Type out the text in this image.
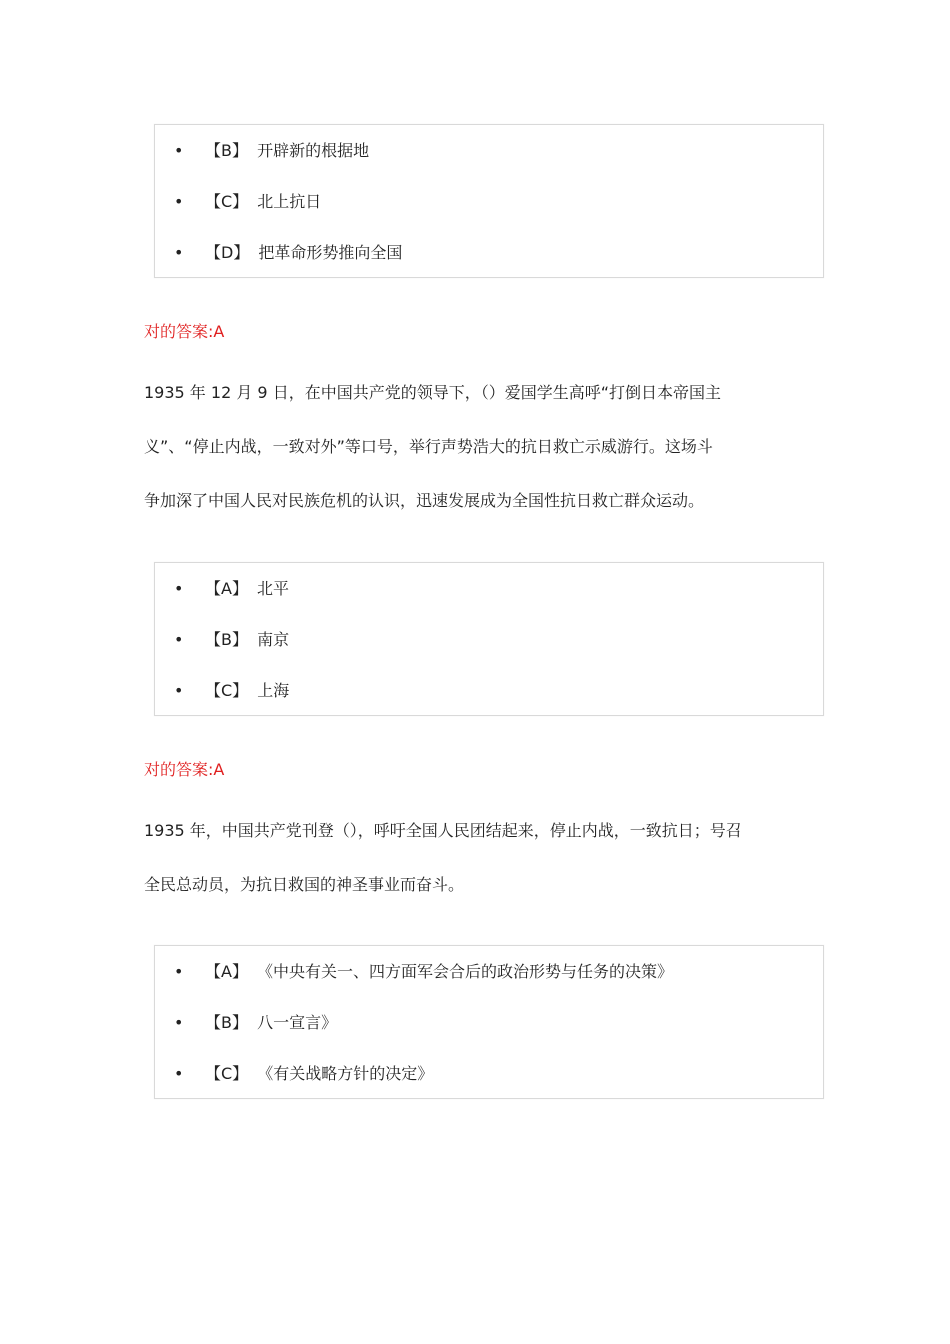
• 【B】 开辟新的根据地
• 【C】 北上抗日
• 【D】 把革命形势推向全国
对的答案:A

1935 年 12 月 9 日，在中国共产党的领导下，（）爱国学生高呼“打倒日本帝国主

义”、“停止内战，一致对外”等口号，举行声势浩大的抗日救亡示威游行。这场斗

争加深了中国人民对民族危机的认识，迅速发展成为全国性抗日救亡群众运动。

• 【A】 北平
• 【B】 南京
• 【C】 上海
对的答案:A

1935 年，中国共产党刊登（），呼吁全国人民团结起来，停止内战，一致抗日；号召

全民总动员，为抗日救国的神圣事业而奋斗。

• 【A】 《中央有关一、四方面军会合后的政治形势与任务的决策》
• 【B】 八一宣言》
• 【C】 《有关战略方针的决定》
